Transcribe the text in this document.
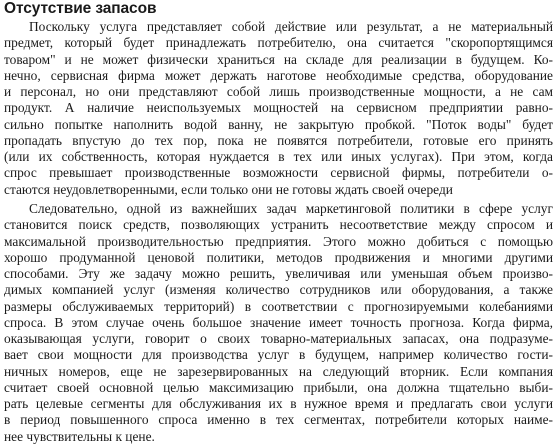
Отсутствие запасов
Поскольку услуга представляет собой действие или результат, а не материальный
предмет, который будет принадлежать потребителю, она считается "скоропортящимся
товаром" и не может физически храниться на складе для реализации в будущем. Ко-
нечно, сервисная фирма может держать наготове необходимые средства, оборудование
и персонал, но они представляют собой лишь производственные мощности, а не сам
продукт. А наличие неиспользуемых мощностей на сервисном предприятии равно-
сильно попытке наполнить водой ванну, не закрытую пробкой. "Поток воды" будет
пропадать впустую до тех пор, пока не появятся потребители, готовые его принять
(или их собственность, которая нуждается в тех или иных услугах). При этом, когда
спрос превышает производственные возможности сервисной фирмы, потребители о-
стаются неудовлетворенными, если только они не готовы ждать своей очереди
Следовательно, одной из важнейших задач маркетинговой политики в сфере услуг
становится поиск средств, позволяющих устранить несоответствие между спросом и
максимальной производительностью предприятия. Этого можно добиться с помощью
хорошо продуманной ценовой политики, методов продвижения и многими другими
способами. Эту же задачу можно решить, увеличивая или уменьшая объем произво-
димых компанией услуг (изменяя количество сотрудников или оборудования, а также
размеры обслуживаемых территорий) в соответствии с прогнозируемыми колебаниями
спроса. В этом случае очень большое значение имеет точность прогноза. Когда фирма,
оказывающая услуги, говорит о своих товарно-материальных запасах, она подразуме-
вает свои мощности для производства услуг в будущем, например количество гости-
ничных номеров, еще не зарезервированных на следующий вторник. Если компания
считает своей основной целью максимизацию прибыли, она должна тщательно выби-
рать целевые сегменты для обслуживания их в нужное время и предлагать свои услуги
в период повышенного спроса именно в тех сегментах, потребители которых наиме-
нее чувствительны к цене.
